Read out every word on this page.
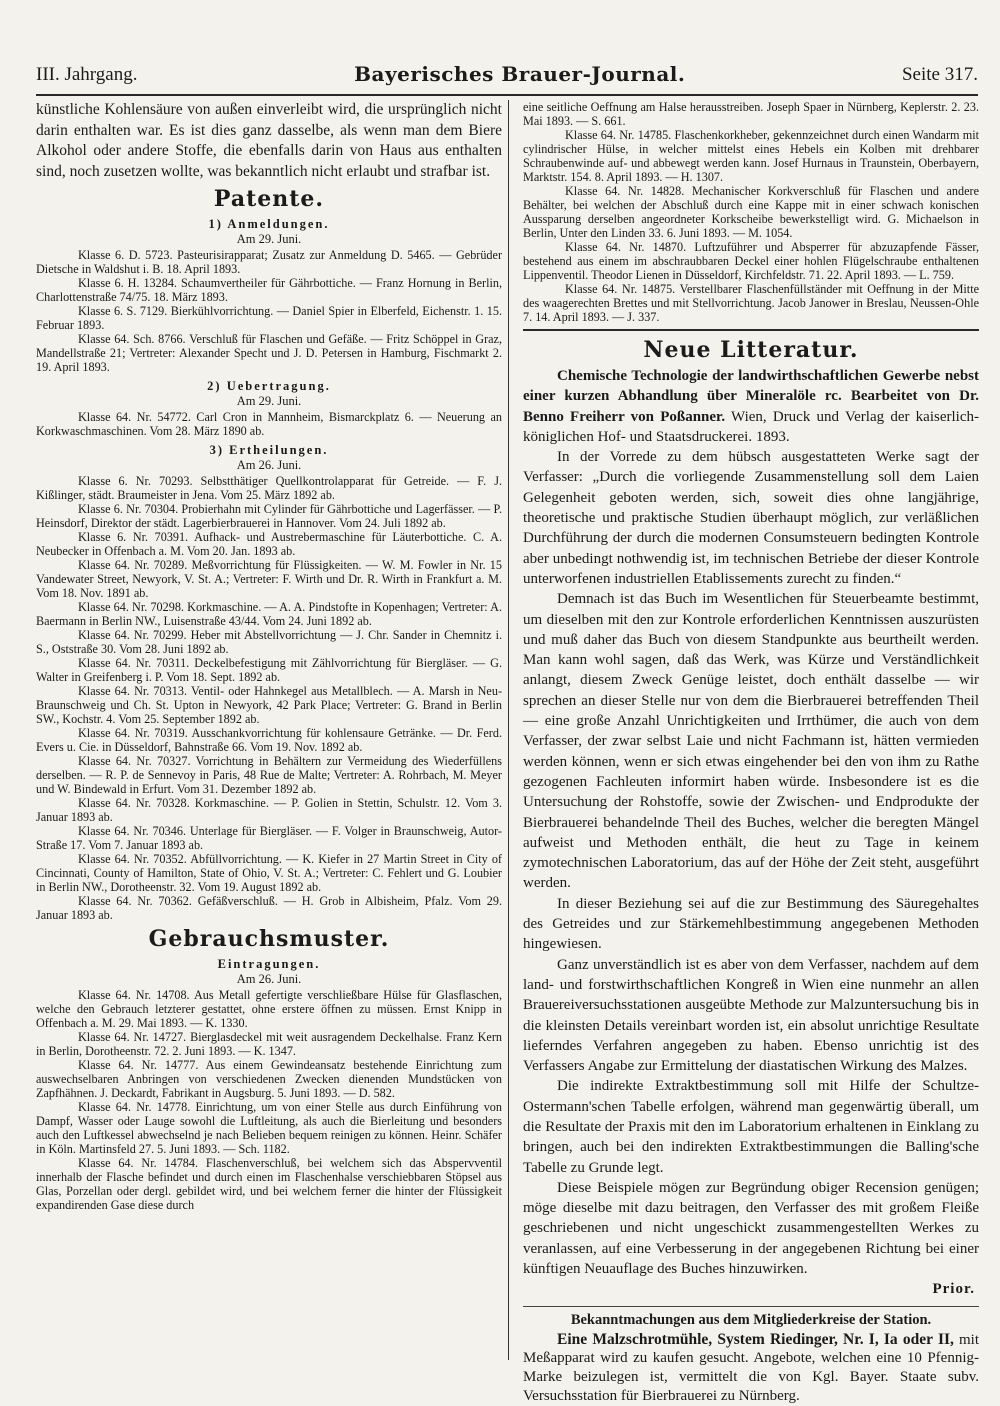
III. Jahrgang.	Bayerisches Brauer-Journal.	Seite 317.

künstliche Kohlensäure von außen einverleibt wird, die ursprünglich nicht darin enthalten war. Es ist dies ganz dasselbe, als wenn man dem Biere Alkohol oder andere Stoffe, die ebenfalls darin von Haus aus enthalten sind, noch zusetzen wollte, was bekanntlich nicht erlaubt und strafbar ist.

Patente.
1) Anmeldungen.
Am 29. Juni.

Klasse 6. D. 5723. Pasteurisirapparat; Zusatz zur Anmeldung D. 5465. — Gebrüder Dietsche in Waldshut i. B. 18. April 1893.

Klasse 6. H. 13284. Schaumvertheiler für Gährbottiche. — Franz Hornung in Berlin, Charlottenstraße 74/75. 18. März 1893.

Klasse 6. S. 7129. Bierkühlvorrichtung. — Daniel Spier in Elberfeld, Eichenstr. 1. 15. Februar 1893.

Klasse 64. Sch. 8766. Verschluß für Flaschen und Gefäße. — Fritz Schöppel in Graz, Mandellstraße 21; Vertreter: Alexander Specht und J. D. Petersen in Hamburg, Fischmarkt 2. 19. April 1893.

2) Uebertragung.
Am 29. Juni.

Klasse 64. Nr. 54772. Carl Cron in Mannheim, Bismarckplatz 6. — Neuerung an Korkwaschmaschinen. Vom 28. März 1890 ab.

3) Ertheilungen.
Am 26. Juni.

Klasse 6. Nr. 70293. Selbstthätiger Quellkontrolapparat für Getreide. — F. J. Kißlinger, städt. Braumeister in Jena. Vom 25. März 1892 ab.

Klasse 6. Nr. 70304. Probierhahn mit Cylinder für Gährbottiche und Lagerfässer. — P. Heinsdorf, Direktor der städt. Lagerbierbrauerei in Hannover. Vom 24. Juli 1892 ab.

Klasse 6. Nr. 70391. Aufhack- und Austrebermaschine für Läuterbottiche. C. A. Neubecker in Offenbach a. M. Vom 20. Jan. 1893 ab.

Klasse 64. Nr. 70289. Meßvorrichtung für Flüssigkeiten. — W. M. Fowler in Nr. 15 Vandewater Street, Newyork, V. St. A.; Vertreter: F. Wirth und Dr. R. Wirth in Frankfurt a. M. Vom 18. Nov. 1891 ab.

Klasse 64. Nr. 70298. Korkmaschine. — A. A. Pindstofte in Kopenhagen; Vertreter: A. Baermann in Berlin NW., Luisenstraße 43/44. Vom 24. Juni 1892 ab.

Klasse 64. Nr. 70299. Heber mit Abstellvorrichtung — J. Chr. Sander in Chemnitz i. S., Oststraße 30. Vom 28. Juni 1892 ab.

Klasse 64. Nr. 70311. Deckelbefestigung mit Zählvorrichtung für Biergläser. — G. Walter in Greifenberg i. P. Vom 18. Sept. 1892 ab.

Klasse 64. Nr. 70313. Ventil- oder Hahnkegel aus Metallblech. — A. Marsh in Neu-Braunschweig und Ch. St. Upton in Newyork, 42 Park Place; Vertreter: G. Brand in Berlin SW., Kochstr. 4. Vom 25. September 1892 ab.

Klasse 64. Nr. 70319. Ausschankvorrichtung für kohlensaure Getränke. — Dr. Ferd. Evers u. Cie. in Düsseldorf, Bahnstraße 66. Vom 19. Nov. 1892 ab.

Klasse 64. Nr. 70327. Vorrichtung in Behältern zur Vermeidung des Wiederfüllens derselben. — R. P. de Sennevoy in Paris, 48 Rue de Malte; Vertreter: A. Rohrbach, M. Meyer und W. Bindewald in Erfurt. Vom 31. Dezember 1892 ab.

Klasse 64. Nr. 70328. Korkmaschine. — P. Golien in Stettin, Schulstr. 12. Vom 3. Januar 1893 ab.

Klasse 64. Nr. 70346. Unterlage für Biergläser. — F. Volger in Braunschweig, Autor-Straße 17. Vom 7. Januar 1893 ab.

Klasse 64. Nr. 70352. Abfüllvorrichtung. — K. Kiefer in 27 Martin Street in City of Cincinnati, County of Hamilton, State of Ohio, V. St. A.; Vertreter: C. Fehlert und G. Loubier in Berlin NW., Dorotheenstr. 32. Vom 19. August 1892 ab.

Klasse 64. Nr. 70362. Gefäßverschluß. — H. Grob in Albisheim, Pfalz. Vom 29. Januar 1893 ab.

Gebrauchsmuster.
Eintragungen.
Am 26. Juni.

Klasse 64. Nr. 14708. Aus Metall gefertigte verschließbare Hülse für Glasflaschen, welche den Gebrauch letzterer gestattet, ohne erstere öffnen zu müssen. Ernst Knipp in Offenbach a. M. 29. Mai 1893. — K. 1330.

Klasse 64. Nr. 14727. Bierglasdeckel mit weit ausragendem Deckelhalse. Franz Kern in Berlin, Dorotheenstr. 72. 2. Juni 1893. — K. 1347.

Klasse 64. Nr. 14777. Aus einem Gewindeansatz bestehende Einrichtung zum auswechselbaren Anbringen von verschiedenen Zwecken dienenden Mundstücken von Zapfhähnen. J. Deckardt, Fabrikant in Augsburg. 5. Juni 1893. — D. 582.

Klasse 64. Nr. 14778. Einrichtung, um von einer Stelle aus durch Einführung von Dampf, Wasser oder Lauge sowohl die Luftleitung, als auch die Bierleitung und besonders auch den Luftkessel abwechselnd je nach Belieben bequem reinigen zu können. Heinr. Schäfer in Köln. Martinsfeld 27. 5. Juni 1893. — Sch. 1182.

Klasse 64. Nr. 14784. Flaschenverschluß, bei welchem sich das Abspervventil innerhalb der Flasche befindet und durch einen im Flaschenhalse verschiebbaren Stöpsel aus Glas, Porzellan oder dergl. gebildet wird, und bei welchem ferner die hinter der Flüssigkeit expandirenden Gase diese durch

eine seitliche Oeffnung am Halse herausstreiben. Joseph Spaer in Nürnberg, Keplerstr. 2. 23. Mai 1893. — S. 661.

Klasse 64. Nr. 14785. Flaschenkorkheber, gekennzeichnet durch einen Wandarm mit cylindrischer Hülse, in welcher mittelst eines Hebels ein Kolben mit drehbarer Schraubenwinde auf- und abbewegt werden kann. Josef Hurnaus in Traunstein, Oberbayern, Marktstr. 154. 8. April 1893. — H. 1307.

Klasse 64. Nr. 14828. Mechanischer Korkverschluß für Flaschen und andere Behälter, bei welchen der Abschluß durch eine Kappe mit in einer schwach konischen Aussparung derselben angeordneter Korkscheibe bewerkstelligt wird. G. Michaelson in Berlin, Unter den Linden 33. 6. Juni 1893. — M. 1054.

Klasse 64. Nr. 14870. Luftzuführer und Absperrer für abzuzapfende Fässer, bestehend aus einem im abschraubbaren Deckel einer hohlen Flügelschraube enthaltenen Lippenventil. Theodor Lienen in Düsseldorf, Kirchfeldstr. 71. 22. April 1893. — L. 759.

Klasse 64. Nr. 14875. Verstellbarer Flaschenfüllständer mit Oeffnung in der Mitte des waagerechten Brettes und mit Stellvorrichtung. Jacob Janower in Breslau, Neussen-Ohle 7. 14. April 1893. — J. 337.

Neue Litteratur.

Chemische Technologie der landwirthschaftlichen Gewerbe nebst einer kurzen Abhandlung über Mineralöle rc. Bearbeitet von Dr. Benno Freiherr von Poßanner. Wien, Druck und Verlag der kaiserlich-königlichen Hof- und Staatsdruckerei. 1893.

In der Vorrede zu dem hübsch ausgestatteten Werke sagt der Verfasser: „Durch die vorliegende Zusammenstellung soll dem Laien Gelegenheit geboten werden, sich, soweit dies ohne langjährige, theoretische und praktische Studien überhaupt möglich, zur verläßlichen Durchführung der durch die modernen Consumsteuern bedingten Kontrole aber unbedingt nothwendig ist, im technischen Betriebe der dieser Kontrole unterworfenen industriellen Etablissements zurecht zu finden.“

Demnach ist das Buch im Wesentlichen für Steuerbeamte bestimmt, um dieselben mit den zur Kontrole erforderlichen Kenntnissen auszurüsten und muß daher das Buch von diesem Standpunkte aus beurtheilt werden. Man kann wohl sagen, daß das Werk, was Kürze und Verständlichkeit anlangt, diesem Zweck Genüge leistet, doch enthält dasselbe — wir sprechen an dieser Stelle nur von dem die Bierbrauerei betreffenden Theil — eine große Anzahl Unrichtigkeiten und Irrthümer, die auch von dem Verfasser, der zwar selbst Laie und nicht Fachmann ist, hätten vermieden werden können, wenn er sich etwas eingehender bei den von ihm zu Rathe gezogenen Fachleuten informirt haben würde. Insbesondere ist es die Untersuchung der Rohstoffe, sowie der Zwischen- und Endprodukte der Bierbrauerei behandelnde Theil des Buches, welcher die beregten Mängel aufweist und Methoden enthält, die heut zu Tage in keinem zymotechnischen Laboratorium, das auf der Höhe der Zeit steht, ausgeführt werden.

In dieser Beziehung sei auf die zur Bestimmung des Säuregehaltes des Getreides und zur Stärkemehlbestimmung angegebenen Methoden hingewiesen.

Ganz unverständlich ist es aber von dem Verfasser, nachdem auf dem land- und forstwirthschaftlichen Kongreß in Wien eine nunmehr an allen Brauereiversuchsstationen ausgeübte Methode zur Malzuntersuchung bis in die kleinsten Details vereinbart worden ist, ein absolut unrichtige Resultate lieferndes Verfahren angegeben zu haben. Ebenso unrichtig ist des Verfassers Angabe zur Ermittelung der diastatischen Wirkung des Malzes.

Die indirekte Extraktbestimmung soll mit Hilfe der Schultze-Ostermann'schen Tabelle erfolgen, während man gegenwärtig überall, um die Resultate der Praxis mit den im Laboratorium erhaltenen in Einklang zu bringen, auch bei den indirekten Extraktbestimmungen die Balling'sche Tabelle zu Grunde legt.

Diese Beispiele mögen zur Begründung obiger Recension genügen; möge dieselbe mit dazu beitragen, den Verfasser des mit großem Fleiße geschriebenen und nicht ungeschickt zusammengestellten Werkes zu veranlassen, auf eine Verbesserung in der angegebenen Richtung bei einer künftigen Neuauflage des Buches hinzuwirken.

Prior.
Bekanntmachungen aus dem Mitgliederkreise der Station.

Eine Malzschrotmühle, System Riedinger, Nr. I, Ia oder II, mit Meßapparat wird zu kaufen gesucht. Angebote, welchen eine 10 Pfennig-Marke beizulegen ist, vermittelt die von Kgl. Bayer. Staate subv. Versuchsstation für Bierbrauerei zu Nürnberg.
